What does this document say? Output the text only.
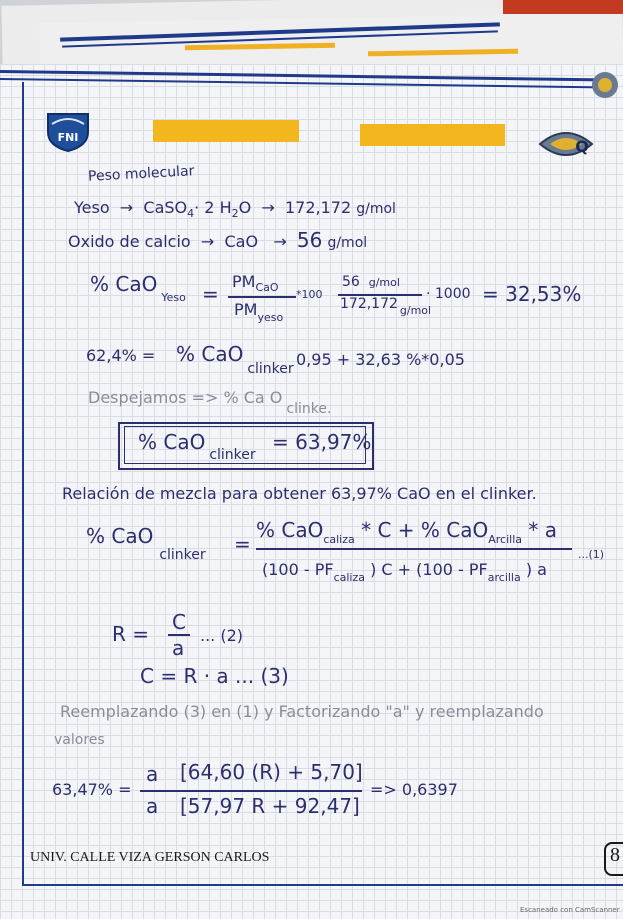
FNI	Q
Peso molecular
Yeso  →  CaSO$_4$· 2 $H_2O \to 172,172$ g/mol
Oxido de calcio  →  CaO   →  56 g/mol
% CaO$_{Yeso}$ =
$PM_{CaO}$
$PM_{yeso}$
*100
56 g/mol
172,172 $_{g/mol}$
· 1000 = 32,53%
62,4% = % CaO$_{clinker}$ 0,95 + 32,63 %*0,05
Despejamos => % Ca Oclinke.
% CaO$_{clinker}$ = 63,97%
Relación de mezcla para obtener 63,97% CaO en el clinker.
% CaO$_{clinker}$ =
% CaO$_{caliza}$ * C + % CaO$_{Arcilla}$ * a
($100 - PF_{caliza}$ ) $C + (100 - PF_{arcilla}$ ) a
...(1)
R = C
a
... (2)
C = R · a ... (3)
Reemplazando (3) en (1) y Factorizando "a" y reemplazando
valores
63,47% =
a [64,60 (R) + 5,70]
a [57,97 R + 92,47]
=> 0,6397
UNIV. CALLE VIZA GERSON CARLOS	8
Escaneado con CamScanner
